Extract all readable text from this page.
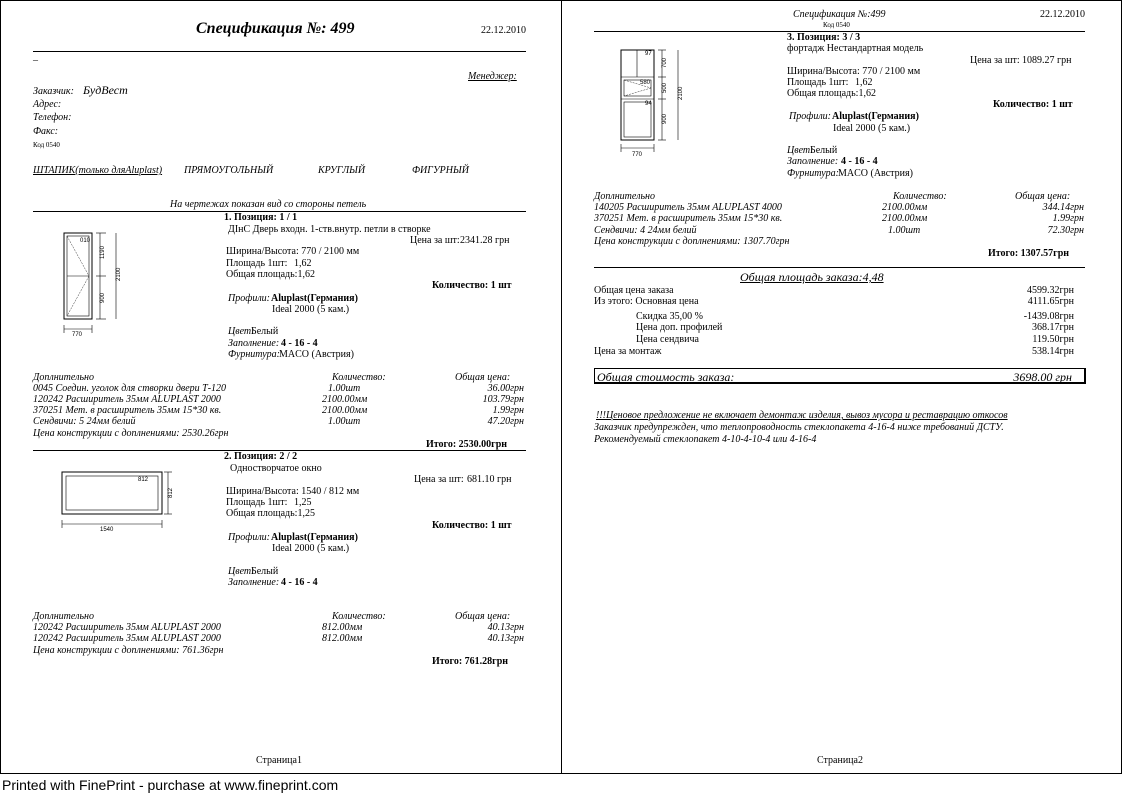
Спецификация №: 499	22.12.2010
–
Менеджер:
Заказчик: БудВест
Адрес:
Телефон:
Факс:
Код 0540
ШТАПИК(только дляAluplast) ПРЯМОУГОЛЬНЫЙ	КРУГЛЫЙ	ФИГУРНЫЙ
На чертежах показан вид со стороны петель
010
1190
900
2100
770
1. Позиция: 1 / 1
ДІнС Дверь входн. 1-ств.внутр. петли в створке
Цена за шт: 2341.28 грн
Ширина/Высота: 770 / 2100 мм
Площадь 1шт: 1,62
Общая площадь:1,62
Количество: 1 шт
Профили: Aluplast(Германия)
Ideal 2000 (5 кам.)
Цвет:
Белый
Заполнение: 4 - 16 - 4
Фурнитура: MACO (Австрия)
Доплнительно	Количество:	Общая цена:
0045 Соедин. уголок для створки двери Т-120	1.00шт	36.00грн
120242 Расширитель 35мм ALUPLAST 2000	2100.00мм	103.79грн
370251 Мет. в расширитель 35мм 15*30 кв.	2100.00мм	1.99грн
Сендвичи: 5 24мм белий	1.00шт	47.20грн
Цена конструкции с доплнениями: 2530.26грн
Итого: 2530.00грн
812
812
1540
2. Позиция: 2 / 2
Одностворчатое окно
Цена за шт: 681.10 грн
Ширина/Высота: 1540 / 812 мм
Площадь 1шт: 1,25
Общая площадь:1,25
Количество: 1 шт
Профили: Aluplast(Германия)
Ideal 2000 (5 кам.)
Цвет:
Белый
Заполнение: 4 - 16 - 4
Доплнительно	Количество:	Общая цена:
120242 Расширитель 35мм ALUPLAST 2000	812.00мм	40.13грн
120242 Расширитель 35мм ALUPLAST 2000	812.00мм	40.13грн
Цена конструкции с доплнениями: 761.36грн
Итого: 761.28грн
Страница1
Спецификация №:499	22.12.2010
Код 0540
97
580
94
700
500
900
2100
770
3. Позиция: 3 / 3
фортадж Нестандартная модель
Цена за шт: 1089.27 грн
Ширина/Высота: 770 / 2100 мм
Площадь 1шт: 1,62
Общая площадь:1,62
Количество: 1 шт
Профили: Aluplast(Германия)
Ideal 2000 (5 кам.)
Цвет:
Белый
Заполнение: 4 - 16 - 4
Фурнитура: MACO (Австрия)
Доплнительно	Количество:	Общая цена:
140205 Расширитель 35мм ALUPLAST 4000	2100.00мм	344.14грн
370251 Мет. в расширитель 35мм 15*30 кв.	2100.00мм	1.99грн
Сендвичи: 4 24мм белий	1.00шт	72.30грн
Цена конструкции с доплнениями: 1307.70грн
Итого: 1307.57грн
Общая площадь заказа:4,48
Общая цена заказа	4599.32грн
Из этого: Основная цена	4111.65грн
Скидка 35,00 %	-1439.08грн
Цена доп. профилей	368.17грн
Цена сендвича	119.50грн
Цена за монтаж	538.14грн
Общая стоимость заказа:	3698.00 грн
!!!Ценовое предложение не включает демонтаж изделия, вывоз мусора и реставрацию откосов
Заказчик предупрежден, что теплопроводность стеклопакета 4-16-4 ниже требований ДСТУ.
Рекомендуемый стеклопакет 4-10-4-10-4 или 4-16-4
Страница2
Printed with FinePrint - purchase at www.fineprint.com
